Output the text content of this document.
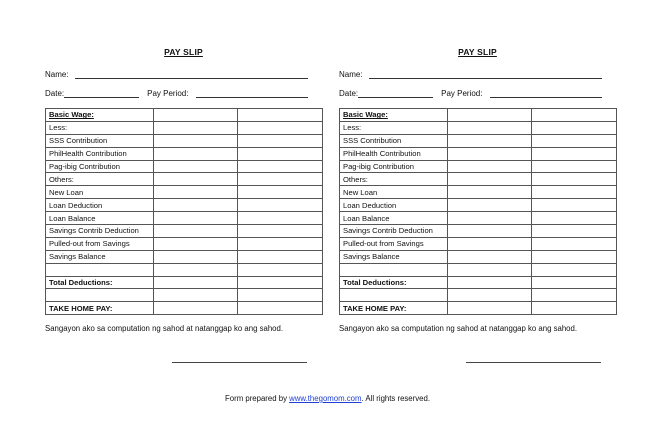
PAY SLIP
Name:
Date:	Pay Period:
Basic Wage:		
Less:		
SSS Contribution		
PhilHealth Contribution		
Pag-ibig Contribution		
Others:		
New Loan		
Loan Deduction		
Loan Balance		
Savings Contrib Deduction		
Pulled-out from Savings		
Savings Balance		

Total Deductions:		

TAKE HOME PAY:		
Sangayon ako sa computation ng sahod at natanggap ko ang sahod.
PAY SLIP
Name:
Date:	Pay Period:
Basic Wage:		
Less:		
SSS Contribution		
PhilHealth Contribution		
Pag-ibig Contribution		
Others:		
New Loan		
Loan Deduction		
Loan Balance		
Savings Contrib Deduction		
Pulled-out from Savings		
Savings Balance		

Total Deductions:		

TAKE HOME PAY:		
Sangayon ako sa computation ng sahod at natanggap ko ang sahod.
Form prepared by www.thegomom.com. All rights reserved.
